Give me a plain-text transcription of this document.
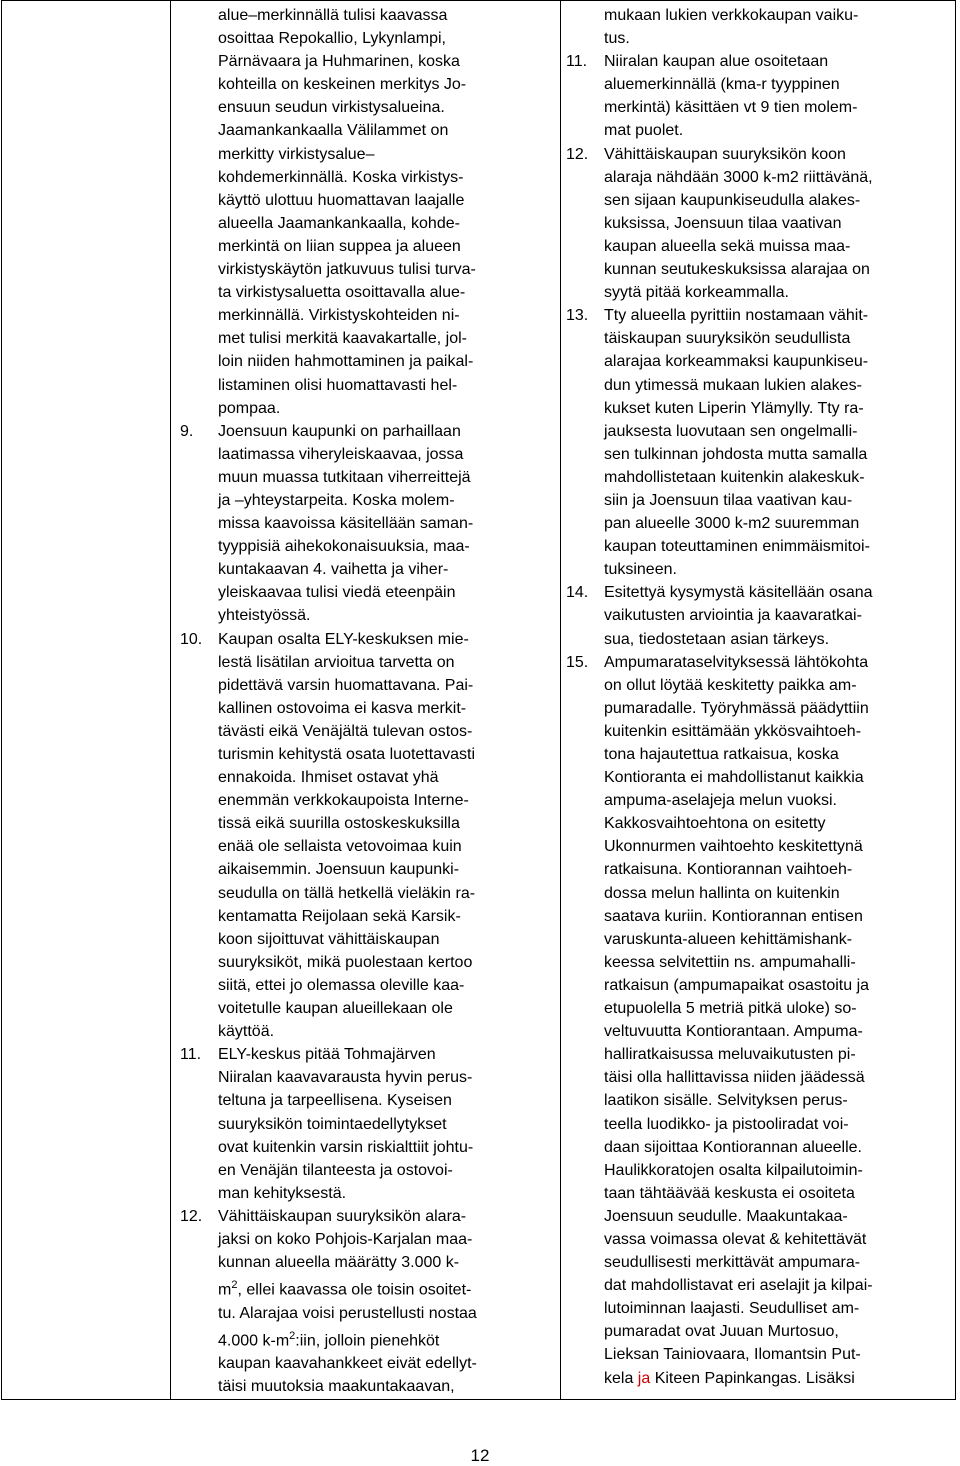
alue–merkinnällä tulisi kaavassa
osoittaa Repokallio, Lykynlampi,
Pärnävaara ja Huhmarinen, koska
kohteilla on keskeinen merkitys Jo-
ensuun seudun virkistysalueina.
Jaamankankaalla Välilammet on
merkitty virkistysalue–
kohdemerkinnällä. Koska virkistys-
käyttö ulottuu huomattavan laajalle
alueella Jaamankankaalla, kohde-
merkintä on liian suppea ja alueen
virkistyskäytön jatkuvuus tulisi turva-
ta virkistysaluetta osoittavalla alue-
merkinnällä. Virkistyskohteiden ni-
met tulisi merkitä kaavakartalle, jol-
loin niiden hahmottaminen ja paikal-
listaminen olisi huomattavasti hel-
pompaa.
9. Joensuun kaupunki on parhaillaan
laatimassa viheryleiskaavaa, jossa
muun muassa tutkitaan viherreittejä
ja –yhteystarpeita. Koska molem-
missa kaavoissa käsitellään saman-
tyyppisiä aihekokonaisuuksia, maa-
kuntakaavan 4. vaihetta ja viher-
yleiskaavaa tulisi viedä eteenpäin
yhteistyössä.
10. Kaupan osalta ELY-keskuksen mie-
lestä lisätilan arvioitua tarvetta on
pidettävä varsin huomattavana. Pai-
kallinen ostovoima ei kasva merkit-
tävästi eikä Venäjältä tulevan ostos-
turismin kehitystä osata luotettavasti
ennakoida. Ihmiset ostavat yhä
enemmän verkkokaupoista Interne-
tissä eikä suurilla ostoskeskuksilla
enää ole sellaista vetovoimaa kuin
aikaisemmin. Joensuun kaupunki-
seudulla on tällä hetkellä vieläkin ra-
kentamatta Reijolaan sekä Karsik-
koon sijoittuvat vähittäiskaupan
suuryksiköt, mikä puolestaan kertoo
siitä, ettei jo olemassa oleville kaa-
voitetulle kaupan alueillekaan ole
käyttöä.
11. ELY-keskus pitää Tohmajärven
Niiralan kaavavarausta hyvin perus-
teltuna ja tarpeellisena. Kyseisen
suuryksikön toimintaedellytykset
ovat kuitenkin varsin riskialttiit johtu-
en Venäjän tilanteesta ja ostovoi-
man kehityksestä.
12. Vähittäiskaupan suuryksikön alara-
jaksi on koko Pohjois-Karjalan maa-
kunnan alueella määrätty 3.000 k-
$m^2$, ellei kaavassa ole toisin osoitet-
tu. Alarajaa voisi perustellusti nostaa
4.000 $k-m^2:iin$, jolloin pienehköt
kaupan kaavahankkeet eivät edellyt-
täisi muutoksia maakuntakaavan,
mukaan lukien verkkokaupan vaiku-
tus.
11. Niiralan kaupan alue osoitetaan
aluemerkinnällä (kma-r tyyppinen
merkintä) käsittäen vt 9 tien molem-
mat puolet.
12. Vähittäiskaupan suuryksikön koon
alaraja nähdään 3000 k-m2 riittävänä,
sen sijaan kaupunkiseudulla alakes-
kuksissa, Joensuun tilaa vaativan
kaupan alueella sekä muissa maa-
kunnan seutukeskuksissa alarajaa on
syytä pitää korkeammalla.
13. Tty alueella pyrittiin nostamaan vähit-
täiskaupan suuryksikön seudullista
alarajaa korkeammaksi kaupunkiseu-
dun ytimessä mukaan lukien alakes-
kukset kuten Liperin Ylämylly. Tty ra-
jauksesta luovutaan sen ongelmalli-
sen tulkinnan johdosta mutta samalla
mahdollistetaan kuitenkin alakeskuk-
siin ja Joensuun tilaa vaativan kau-
pan alueelle 3000 k-m2 suuremman
kaupan toteuttaminen enimmäismitoi-
tuksineen.
14. Esitettyä kysymystä käsitellään osana
vaikutusten arviointia ja kaavaratkai-
sua, tiedostetaan asian tärkeys.
15. Ampumarataselvityksessä lähtökohta
on ollut löytää keskitetty paikka am-
pumaradalle. Työryhmässä päädyttiin
kuitenkin esittämään ykkösvaihtoeh-
tona hajautettua ratkaisua, koska
Kontioranta ei mahdollistanut kaikkia
ampuma-aselajeja melun vuoksi.
Kakkosvaihtoehtona on esitetty
Ukonnurmen vaihtoehto keskitettynä
ratkaisuna. Kontiorannan vaihtoeh-
dossa melun hallinta on kuitenkin
saatava kuriin. Kontiorannan entisen
varuskunta-alueen kehittämishank-
keessa selvitettiin ns. ampumahalli-
ratkaisun (ampumapaikat osastoitu ja
etupuolella 5 metriä pitkä uloke) so-
veltuvuutta Kontiorantaan. Ampuma-
halliratkaisussa meluvaikutusten pi-
täisi olla hallittavissa niiden jäädessä
laatikon sisälle. Selvityksen perus-
teella luodikko- ja pistooliradat voi-
daan sijoittaa Kontiorannan alueelle.
Haulikkoratojen osalta kilpailutoimin-
taan tähtäävää keskusta ei osoiteta
Joensuun seudulle. Maakuntakaa-
vassa voimassa olevat & kehitettävät
seudullisesti merkittävät ampumara-
dat mahdollistavat eri aselajit ja kilpai-
lutoiminnan laajasti. Seudulliset am-
pumaradat ovat Juuan Murtosuo,
Lieksan Tainiovaara, Ilomantsin Put-
kela ja Kiteen Papinkangas. Lisäksi
12
